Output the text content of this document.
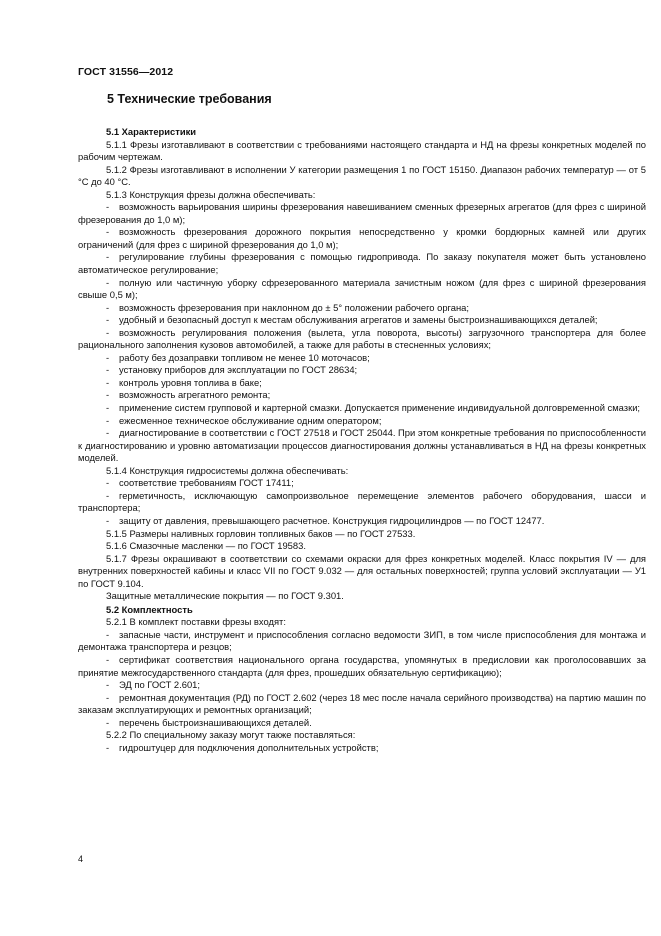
ГОСТ 31556—2012
5 Технические требования

5.1 Характеристики

5.1.1 Фрезы изготавливают в соответствии с требованиями настоящего стандарта и НД на фрезы конкретных моделей по рабочим чертежам.

5.1.2 Фрезы изготавливают в исполнении У категории размещения 1 по ГОСТ 15150. Диапазон рабочих температур — от 5 °С до 40 °С.

5.1.3 Конструкция фрезы должна обеспечивать:

- возможность варьирования ширины фрезерования навешиванием сменных фрезерных агрегатов (для фрез с шириной фрезерования до 1,0 м);

- возможность фрезерования дорожного покрытия непосредственно у кромки бордюрных камней или других ограничений (для фрез с шириной фрезерования до 1,0 м);

- регулирование глубины фрезерования с помощью гидропривода. По заказу покупателя может быть установлено автоматическое регулирование;

- полную или частичную уборку сфрезерованного материала зачистным ножом (для фрез с шириной фрезерования свыше 0,5 м);

- возможность фрезерования при наклонном до ± 5° положении рабочего органа;

- удобный и безопасный доступ к местам обслуживания агрегатов и замены быстроизнашивающихся деталей;

- возможность регулирования положения (вылета, угла поворота, высоты) загрузочного транспортера для более рационального заполнения кузовов автомобилей, а также для работы в стесненных условиях;

- работу без дозаправки топливом не менее 10 моточасов;

- установку приборов для эксплуатации по ГОСТ 28634;

- контроль уровня топлива в баке;

- возможность агрегатного ремонта;

- применение систем групповой и картерной смазки. Допускается применение индивидуальной долговременной смазки;

- ежесменное техническое обслуживание одним оператором;

- диагностирование в соответствии с ГОСТ 27518 и ГОСТ 25044. При этом конкретные требования по приспособленности к диагностированию и уровню автоматизации процессов диагностирования должны устанавливаться в НД на фрезы конкретных моделей.

5.1.4 Конструкция гидросистемы должна обеспечивать:

- соответствие требованиям ГОСТ 17411;

- герметичность, исключающую самопроизвольное перемещение элементов рабочего оборудования, шасси и транспортера;

- защиту от давления, превышающего расчетное. Конструкция гидроцилиндров — по ГОСТ 12477.

5.1.5 Размеры наливных горловин топливных баков — по ГОСТ 27533.

5.1.6 Смазочные масленки — по ГОСТ 19583.

5.1.7 Фрезы окрашивают в соответствии со схемами окраски для фрез конкретных моделей. Класс покрытия IV — для внутренних поверхностей кабины и класс VII по ГОСТ 9.032 — для остальных поверхностей; группа условий эксплуатации — У1 по ГОСТ 9.104.

Защитные металлические покрытия — по ГОСТ 9.301.

5.2 Комплектность

5.2.1 В комплект поставки фрезы входят:

- запасные части, инструмент и приспособления согласно ведомости ЗИП, в том числе приспособления для монтажа и демонтажа транспортера и резцов;

- сертификат соответствия национального органа государства, упомянутых в предисловии как проголосовавших за принятие межгосударственного стандарта (для фрез, прошедших обязательную сертификацию);

- ЭД по ГОСТ 2.601;

- ремонтная документация (РД) по ГОСТ 2.602 (через 18 мес после начала серийного производства) на партию машин по заказам эксплуатирующих и ремонтных организаций;

- перечень быстроизнашивающихся деталей.

5.2.2 По специальному заказу могут также поставляться:

- гидроштуцер для подключения дополнительных устройств;

4
